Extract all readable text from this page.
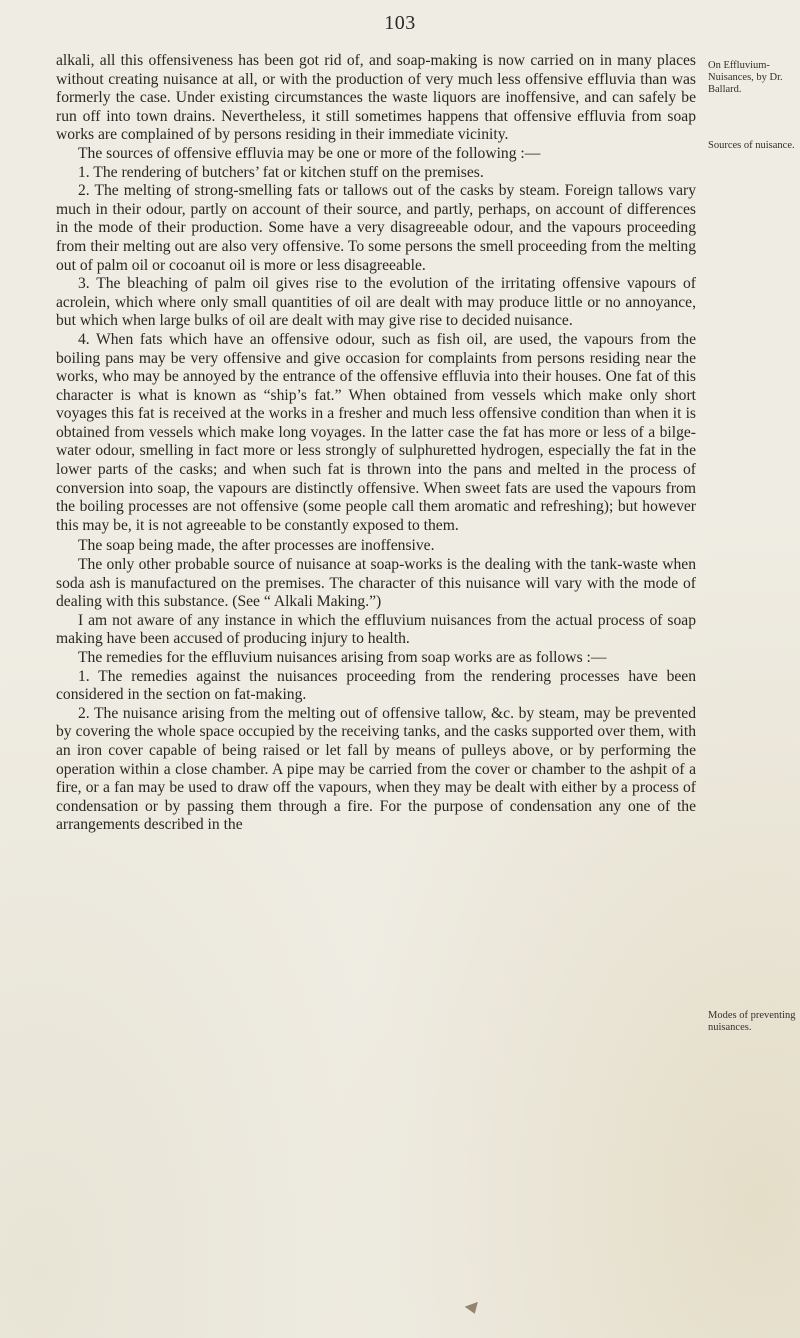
103

alkali, all this offensiveness has been got rid of, and soap-making is now carried on in many places without creating nuisance at all, or with the production of very much less offensive effluvia than was formerly the case. Under existing circumstances the waste liquors are inoffensive, and can safely be run off into town drains. Nevertheless, it still sometimes happens that offensive effluvia from soap works are complained of by persons residing in their immediate vicinity.

The sources of offensive effluvia may be one or more of the following :—

1. The rendering of butchers’ fat or kitchen stuff on the premises.

2. The melting of strong-smelling fats or tallows out of the casks by steam. Foreign tallows vary much in their odour, partly on account of their source, and partly, perhaps, on account of differences in the mode of their production. Some have a very disagreeable odour, and the vapours proceeding from their melting out are also very offensive. To some persons the smell proceeding from the melting out of palm oil or cocoanut oil is more or less disagreeable.

3. The bleaching of palm oil gives rise to the evolution of the irritating offensive vapours of acrolein, which where only small quantities of oil are dealt with may produce little or no annoyance, but which when large bulks of oil are dealt with may give rise to decided nuisance.

4. When fats which have an offensive odour, such as fish oil, are used, the vapours from the boiling pans may be very offensive and give occasion for complaints from persons residing near the works, who may be annoyed by the entrance of the offensive effluvia into their houses. One fat of this character is what is known as “ship’s fat.” When obtained from vessels which make only short voyages this fat is received at the works in a fresher and much less offensive condition than when it is obtained from vessels which make long voyages. In the latter case the fat has more or less of a bilge-water odour, smelling in fact more or less strongly of sulphuretted hydrogen, especially the fat in the lower parts of the casks; and when such fat is thrown into the pans and melted in the process of conversion into soap, the vapours are distinctly offensive. When sweet fats are used the vapours from the boiling processes are not offensive (some people call them aromatic and refreshing); but however this may be, it is not agreeable to be constantly exposed to them.

The soap being made, the after processes are inoffensive.

The only other probable source of nuisance at soap-works is the dealing with the tank-waste when soda ash is manufactured on the premises. The character of this nuisance will vary with the mode of dealing with this substance. (See “ Alkali Making.”)

I am not aware of any instance in which the effluvium nuisances from the actual process of soap making have been accused of producing injury to health.

The remedies for the effluvium nuisances arising from soap works are as follows :—

1. The remedies against the nuisances proceeding from the rendering processes have been considered in the section on fat-making.

2. The nuisance arising from the melting out of offensive tallow, &c. by steam, may be prevented by covering the whole space occupied by the receiving tanks, and the casks supported over them, with an iron cover capable of being raised or let fall by means of pulleys above, or by performing the operation within a close chamber. A pipe may be carried from the cover or chamber to the ashpit of a fire, or a fan may be used to draw off the vapours, when they may be dealt with either by a process of condensation or by passing them through a fire. For the purpose of condensation any one of the arrangements described in the

On Effluvium-Nuisances, by Dr. Ballard.
Sources of nuisance.
Modes of preventing nuisances.
